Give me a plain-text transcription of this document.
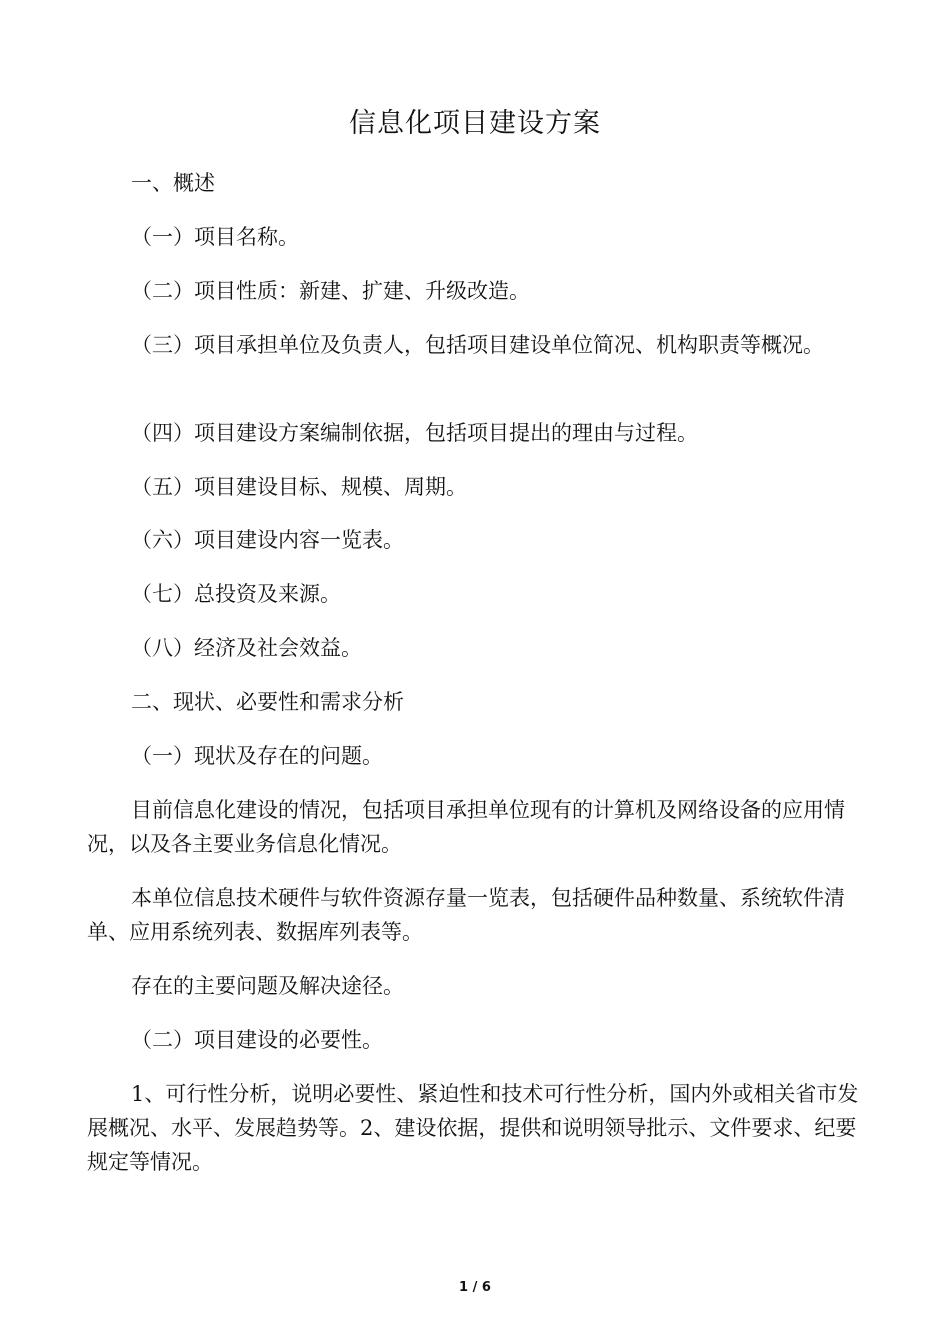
信息化项目建设方案
一、概述
（一）项目名称。
（二）项目性质：新建、扩建、升级改造。
（三）项目承担单位及负责人，包括项目建设单位简况、机构职责等概况。
（四）项目建设方案编制依据，包括项目提出的理由与过程。
（五）项目建设目标、规模、周期。
（六）项目建设内容一览表。
（七）总投资及来源。
（八）经济及社会效益。
二、现状、必要性和需求分析
（一）现状及存在的问题。
目前信息化建设的情况，包括项目承担单位现有的计算机及网络设备的应用情况，以及各主要业务信息化情况。
本单位信息技术硬件与软件资源存量一览表，包括硬件品种数量、系统软件清单、应用系统列表、数据库列表等。
存在的主要问题及解决途径。
（二）项目建设的必要性。
1、可行性分析，说明必要性、紧迫性和技术可行性分析，国内外或相关省市发展概况、水平、发展趋势等。2、建设依据，提供和说明领导批示、文件要求、纪要规定等情况。
1 / 6
